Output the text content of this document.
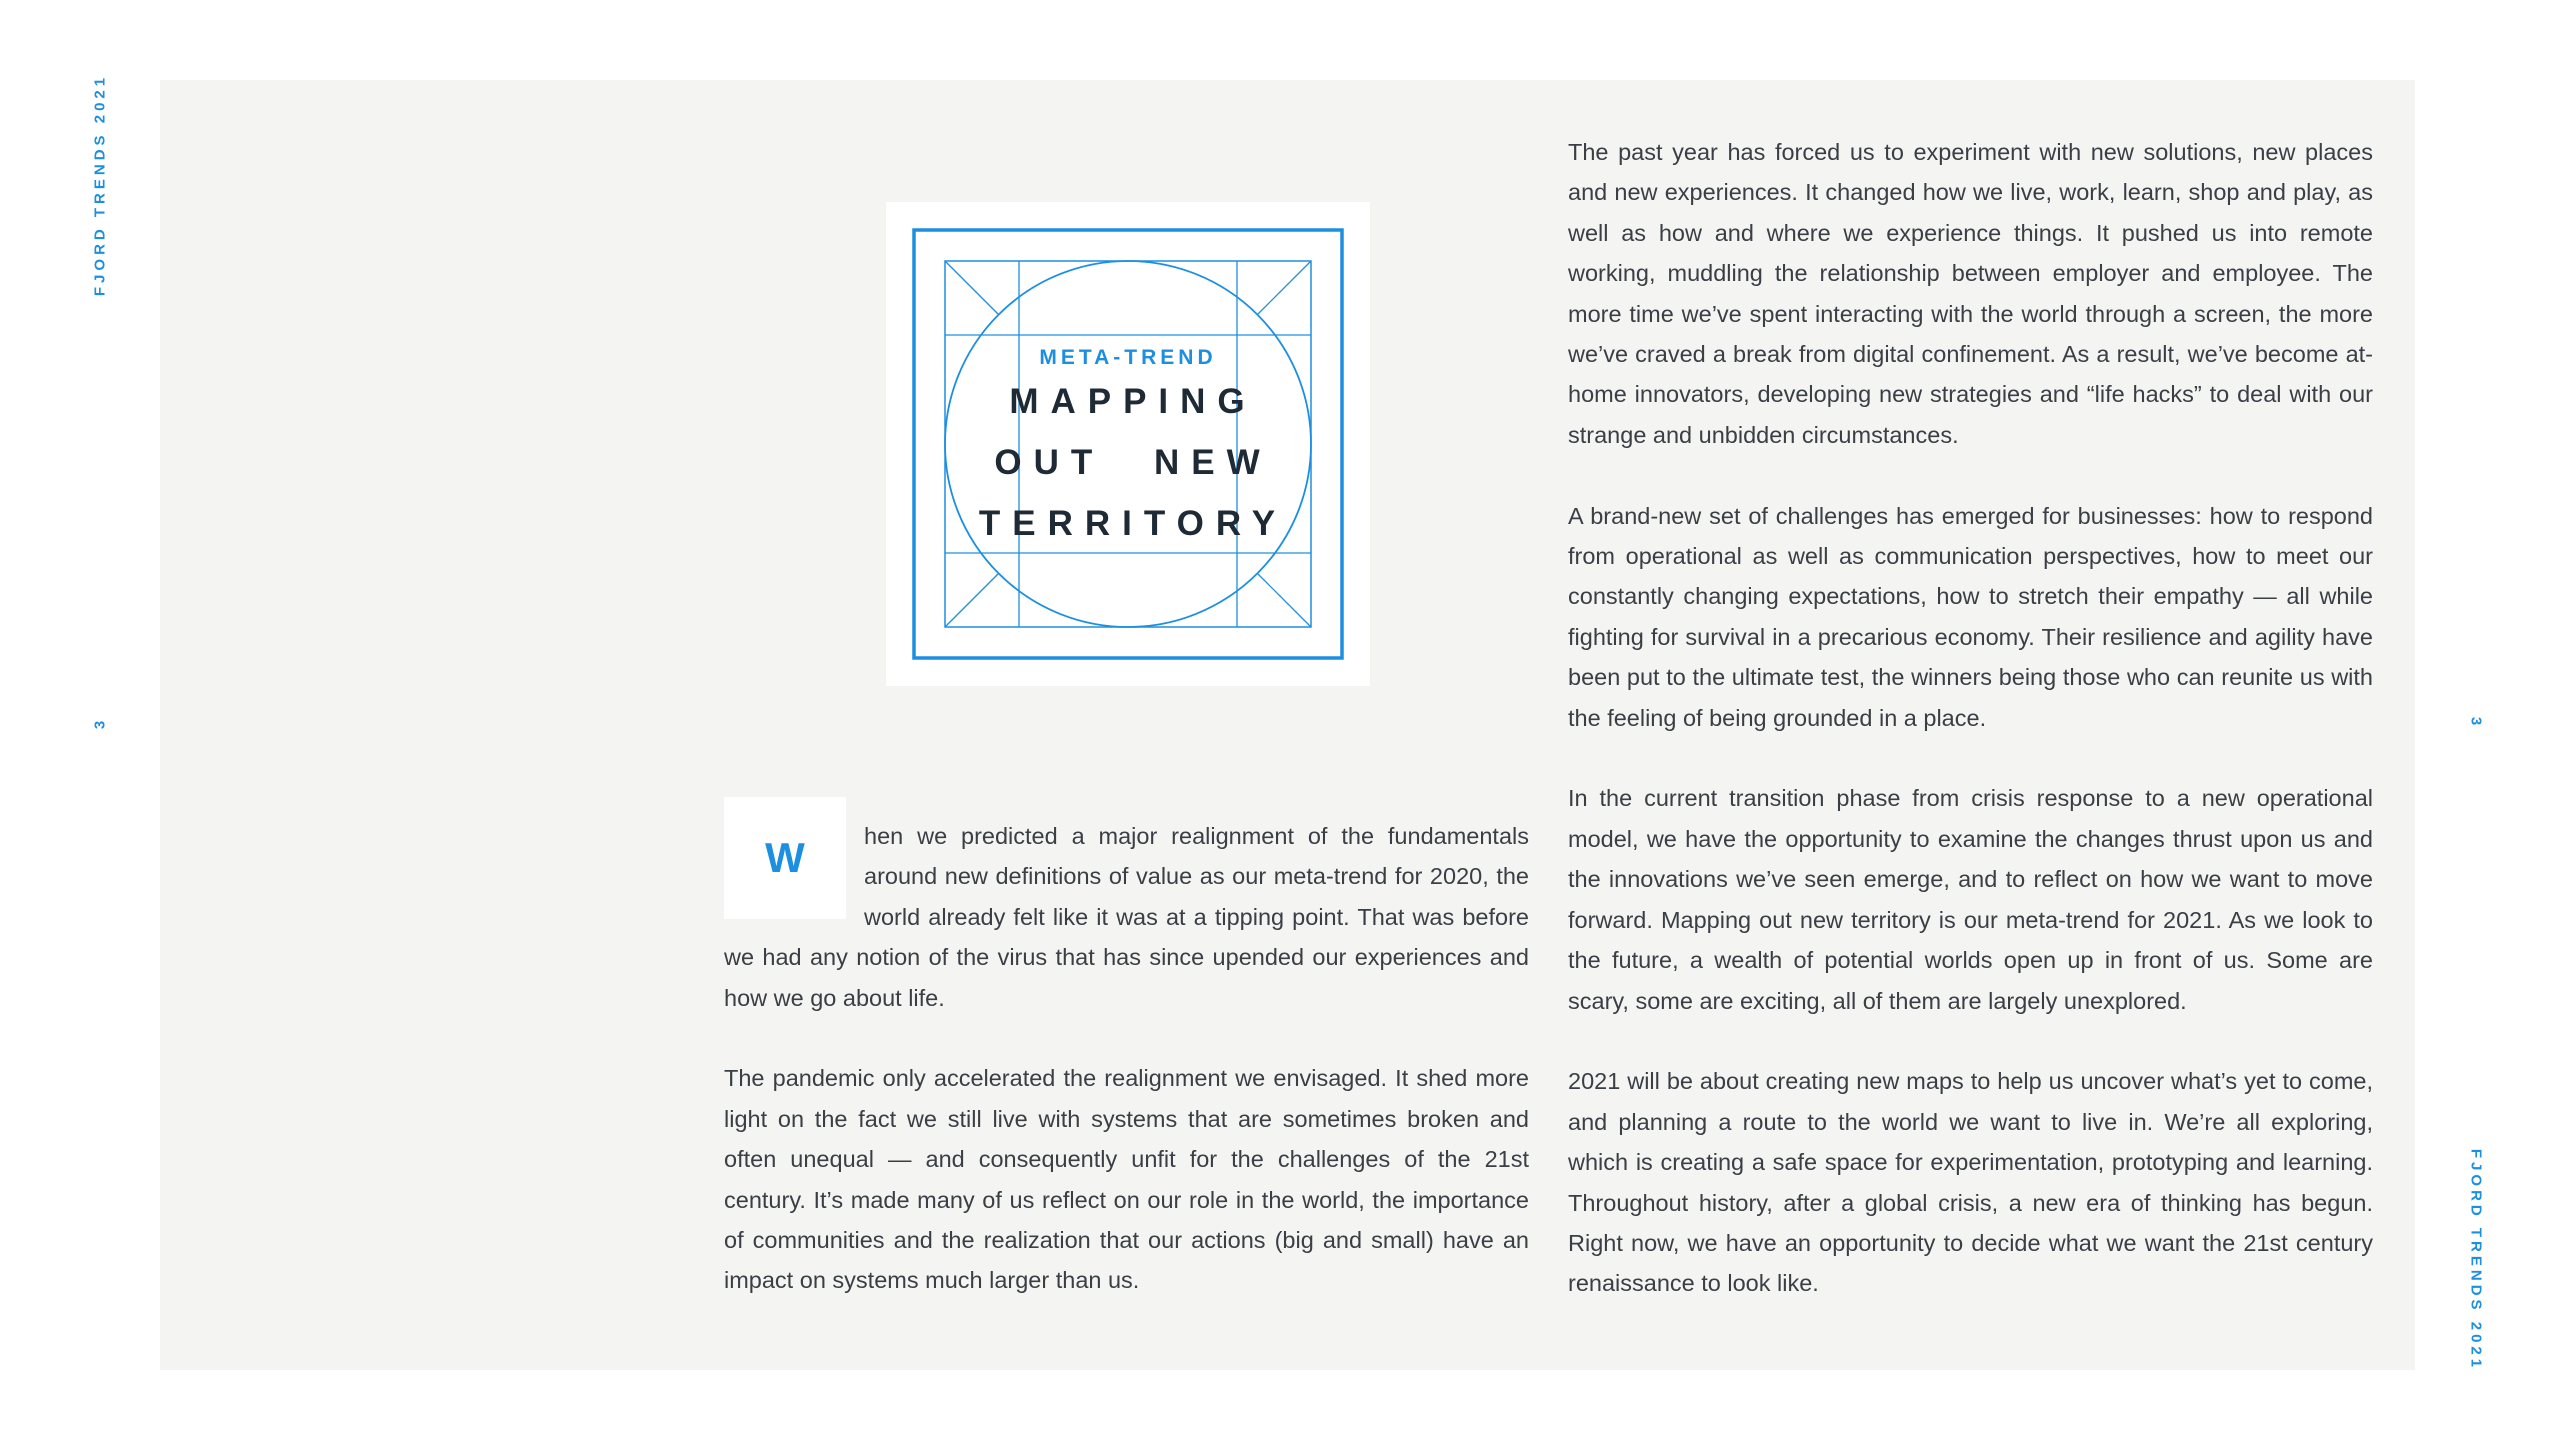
FJORD TRENDS 2021
3	3
FJORD TRENDS 2021
META-TREND
MAPPING
OUT NEW
TERRITORY

W	hen we predicted a major realignment of the fundamentals around new definitions of value as our meta-trend for 2020, the world already felt like it was at a tipping point. That was before we had any notion of the virus that has since upended our experiences and how we go about life.

The pandemic only accelerated the realignment we envisaged. It shed more light on the fact we still live with systems that are sometimes broken and often unequal — and consequently unfit for the challenges of the 21st century. It’s made many of us reflect on our role in the world, the importance of communities and the realization that our actions (big and small) have an impact on systems much larger than us.

The past year has forced us to experiment with new solutions, new places and new experiences. It changed how we live, work, learn, shop and play, as well as how and where we experience things. It pushed us into remote working, muddling the relationship between employer and employee. The more time we’ve spent interacting with the world through a screen, the more we’ve craved a break from digital confinement. As a result, we’ve become at-home innovators, developing new strategies and “life hacks” to deal with our strange and unbidden circumstances.

A brand-new set of challenges has emerged for businesses: how to respond from operational as well as communication perspectives, how to meet our constantly changing expectations, how to stretch their empathy — all while fighting for survival in a precarious economy. Their resilience and agility have been put to the ultimate test, the winners being those who can reunite us with the feeling of being grounded in a place.

In the current transition phase from crisis response to a new operational model, we have the opportunity to examine the changes thrust upon us and the innovations we’ve seen emerge, and to reflect on how we want to move forward. Mapping out new territory is our meta-trend for 2021. As we look to the future, a wealth of potential worlds open up in front of us. Some are scary, some are exciting, all of them are largely unexplored.

2021 will be about creating new maps to help us uncover what’s yet to come, and planning a route to the world we want to live in. We’re all exploring, which is creating a safe space for experimentation, prototyping and learning. Throughout history, after a global crisis, a new era of thinking has begun. Right now, we have an opportunity to decide what we want the 21st century renaissance to look like.
